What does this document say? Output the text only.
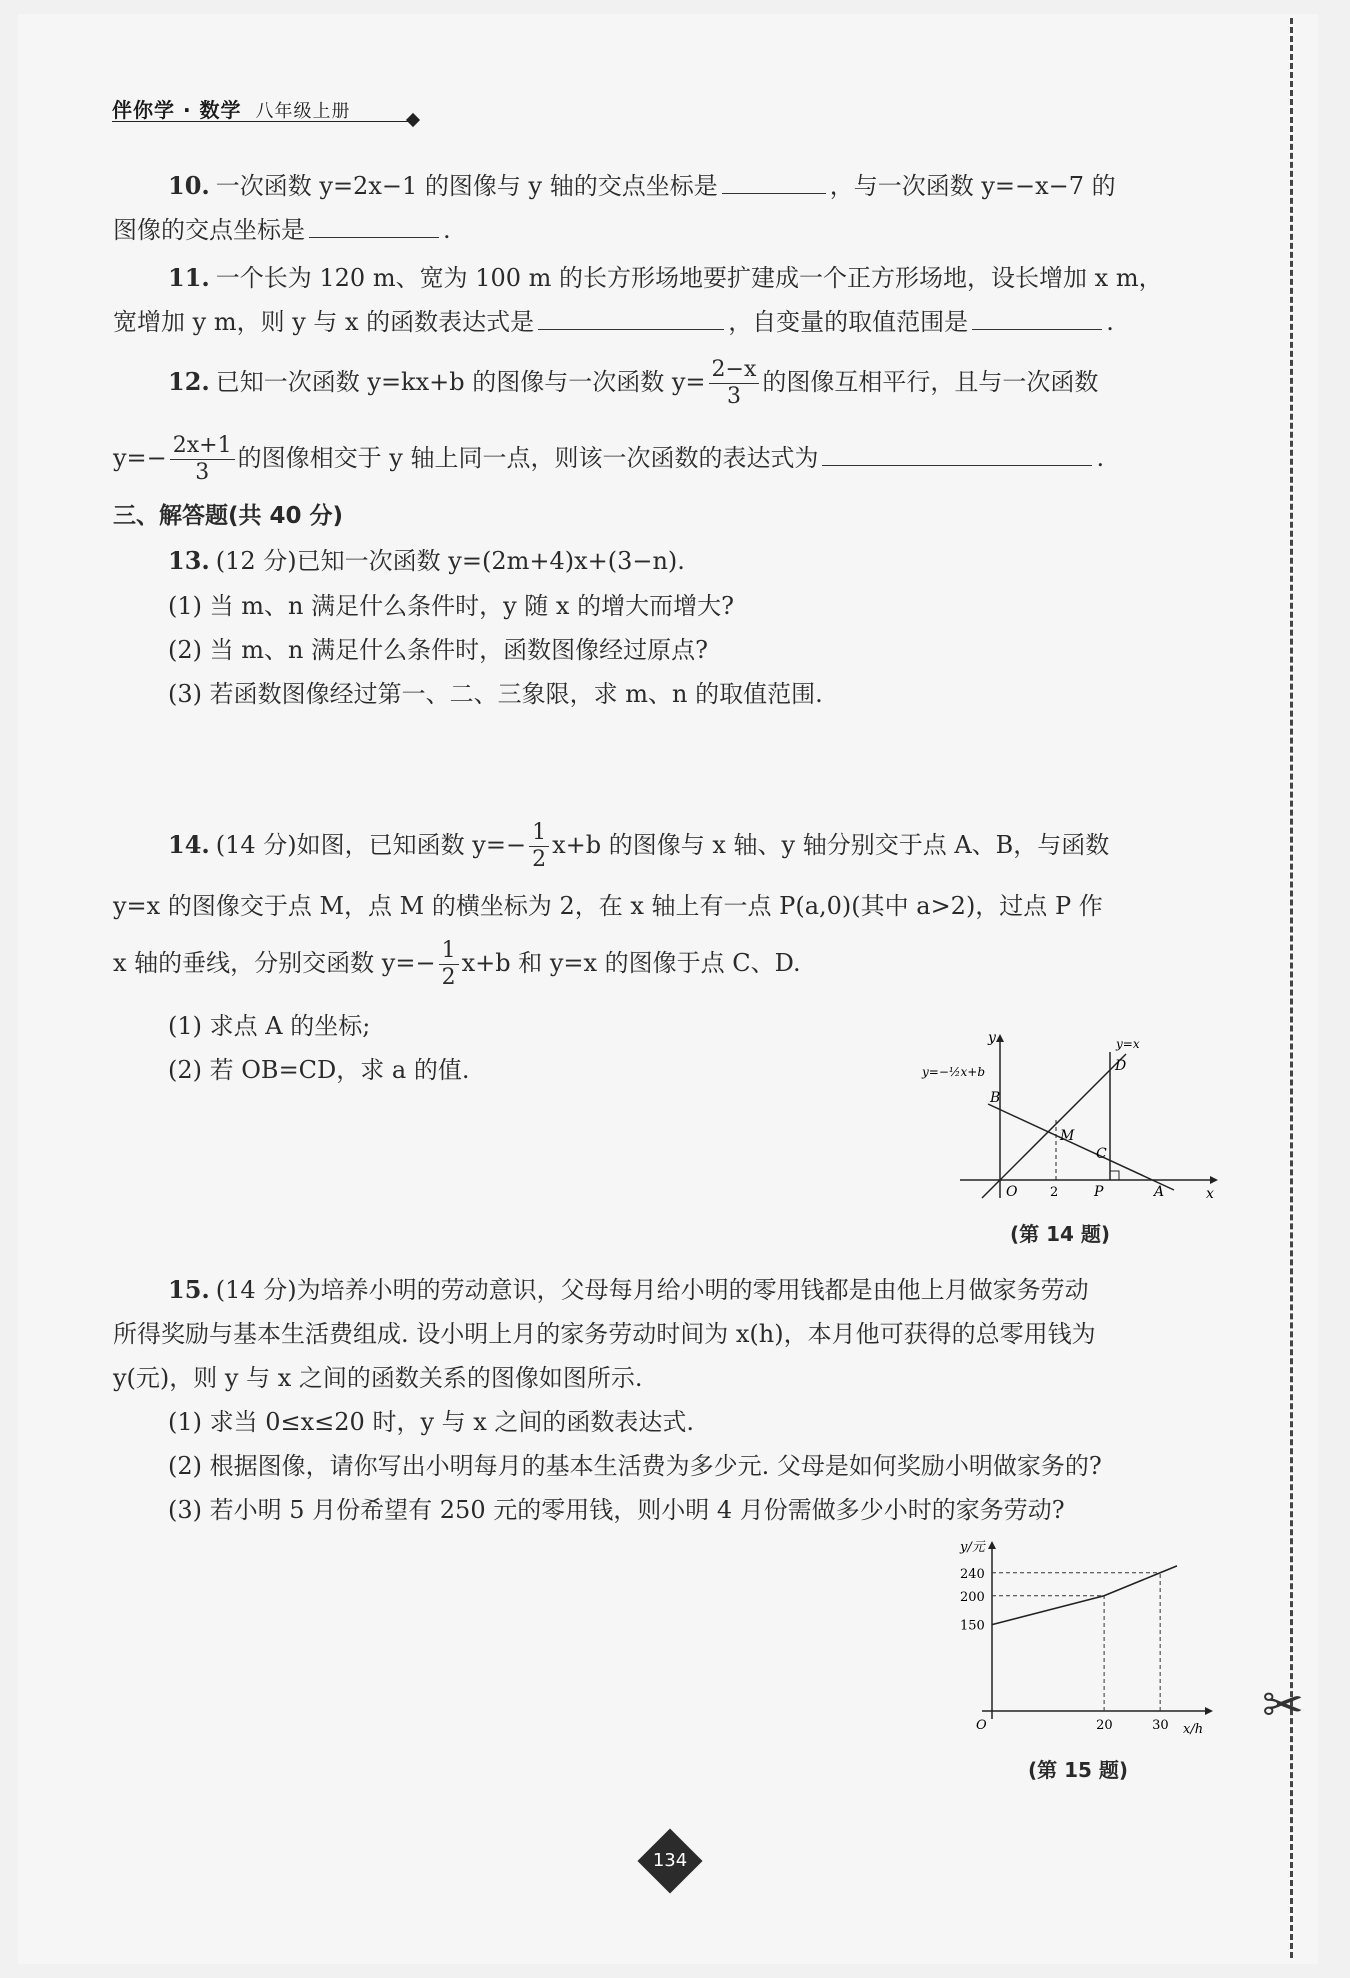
伴你学 · 数学 八年级上册
10. 一次函数 y=2x−1 的图像与 y 轴的交点坐标是	，与一次函数 y=−x−7 的
图像的交点坐标是	.
11. 一个长为 120 m、宽为 100 m 的长方形场地要扩建成一个正方形场地，设长增加 x m，
宽增加 y m，则 y 与 x 的函数表达式是	，自变量的取值范围是	.
12. 已知一次函数 y=kx+b 的图像与一次函数 $y= \frac{2-x}{3}$ 的图像互相平行，且与一次函数
$y=- \frac{2x+1}{3}$ 的图像相交于 y 轴上同一点，则该一次函数的表达式为	.
三、解答题(共 40 分)
13. (12 分)已知一次函数 y=(2m+4)x+(3−n).
(1) 当 m、n 满足什么条件时，y 随 x 的增大而增大?
(2) 当 m、n 满足什么条件时，函数图像经过原点?
(3) 若函数图像经过第一、二、三象限，求 m、n 的取值范围.
14. (14 分)如图，已知函数 $y=- \frac{1}{2} x+b$ 的图像与 x 轴、y 轴分别交于点 A、B，与函数
y=x 的图像交于点 M，点 M 的横坐标为 2，在 x 轴上有一点 P(a,0)(其中 a>2)，过点 P 作
x 轴的垂线，分别交函数 $y=- \frac{1}{2} x+b$ 和 y=x 的图像于点 C、D.
(1) 求点 A 的坐标;
(2) 若 OB=CD，求 a 的值.
y
x
O
B
M
C
D
P	A
2
y=x
y=−½x+b
(第 14 题)
15. (14 分)为培养小明的劳动意识，父母每月给小明的零用钱都是由他上月做家务劳动
所得奖励与基本生活费组成. 设小明上月的家务劳动时间为 x(h)，本月他可获得的总零用钱为
y(元)，则 y 与 x 之间的函数关系的图像如图所示.
(1) 求当 0≤x≤20 时，y 与 x 之间的函数表达式.
(2) 根据图像，请你写出小明每月的基本生活费为多少元. 父母是如何奖励小明做家务的?
(3) 若小明 5 月份希望有 250 元的零用钱，则小明 4 月份需做多少小时的家务劳动?
20	30
150
200
240
O	x/h
y/元
(第 15 题)
✂
134
